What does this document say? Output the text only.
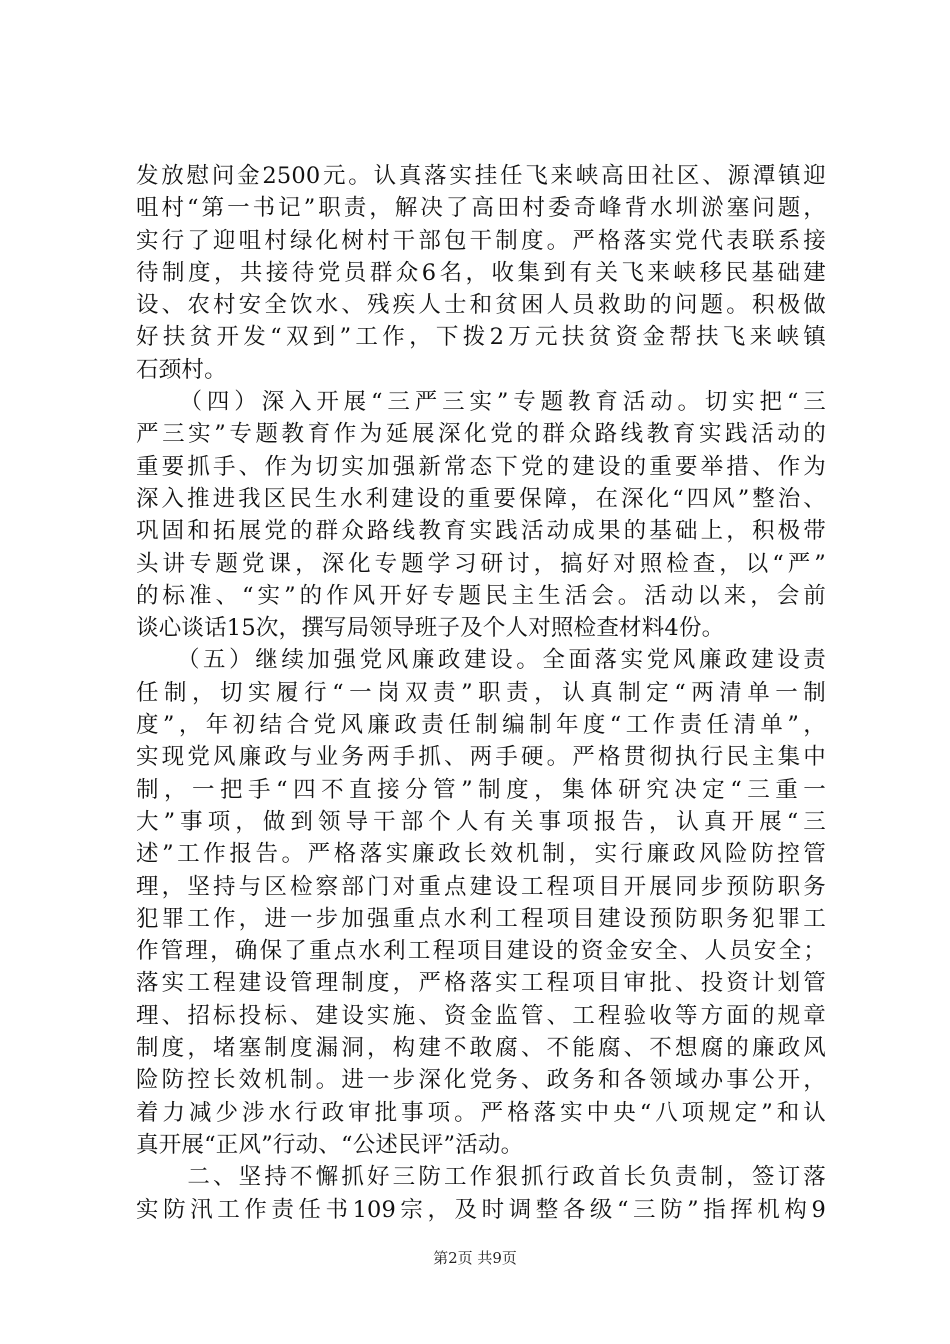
发放慰问金2500元。认真落实挂任飞来峡高田社区、源潭镇迎
咀村“第一书记”职责，解决了高田村委奇峰背水圳淤塞问题，
实行了迎咀村绿化树村干部包干制度。严格落实党代表联系接
待制度，共接待党员群众6名，收集到有关飞来峡移民基础建
设、农村安全饮水、残疾人士和贫困人员救助的问题。积极做
好扶贫开发“双到”工作，下拨2万元扶贫资金帮扶飞来峡镇
石颈村。
　　（四）深入开展“三严三实”专题教育活动。切实把“三
严三实”专题教育作为延展深化党的群众路线教育实践活动的
重要抓手、作为切实加强新常态下党的建设的重要举措、作为
深入推进我区民生水利建设的重要保障，在深化“四风”整治、
巩固和拓展党的群众路线教育实践活动成果的基础上，积极带
头讲专题党课，深化专题学习研讨，搞好对照检查，以“严”
的标准、“实”的作风开好专题民主生活会。活动以来，会前
谈心谈话15次，撰写局领导班子及个人对照检查材料4份。
　　（五）继续加强党风廉政建设。全面落实党风廉政建设责
任制，切实履行“一岗双责”职责，认真制定“两清单一制
度”，年初结合党风廉政责任制编制年度“工作责任清单”，
实现党风廉政与业务两手抓、两手硬。严格贯彻执行民主集中
制，一把手“四不直接分管”制度，集体研究决定“三重一
大”事项，做到领导干部个人有关事项报告，认真开展“三
述”工作报告。严格落实廉政长效机制，实行廉政风险防控管
理，坚持与区检察部门对重点建设工程项目开展同步预防职务
犯罪工作，进一步加强重点水利工程项目建设预防职务犯罪工
作管理，确保了重点水利工程项目建设的资金安全、人员安全；
落实工程建设管理制度，严格落实工程项目审批、投资计划管
理、招标投标、建设实施、资金监管、工程验收等方面的规章
制度，堵塞制度漏洞，构建不敢腐、不能腐、不想腐的廉政风
险防控长效机制。进一步深化党务、政务和各领域办事公开，
着力减少涉水行政审批事项。严格落实中央“八项规定”和认
真开展“正风”行动、“公述民评”活动。
　　二、坚持不懈抓好三防工作狠抓行政首长负责制，签订落
实防汛工作责任书109宗，及时调整各级“三防”指挥机构9
第2页 共9页
